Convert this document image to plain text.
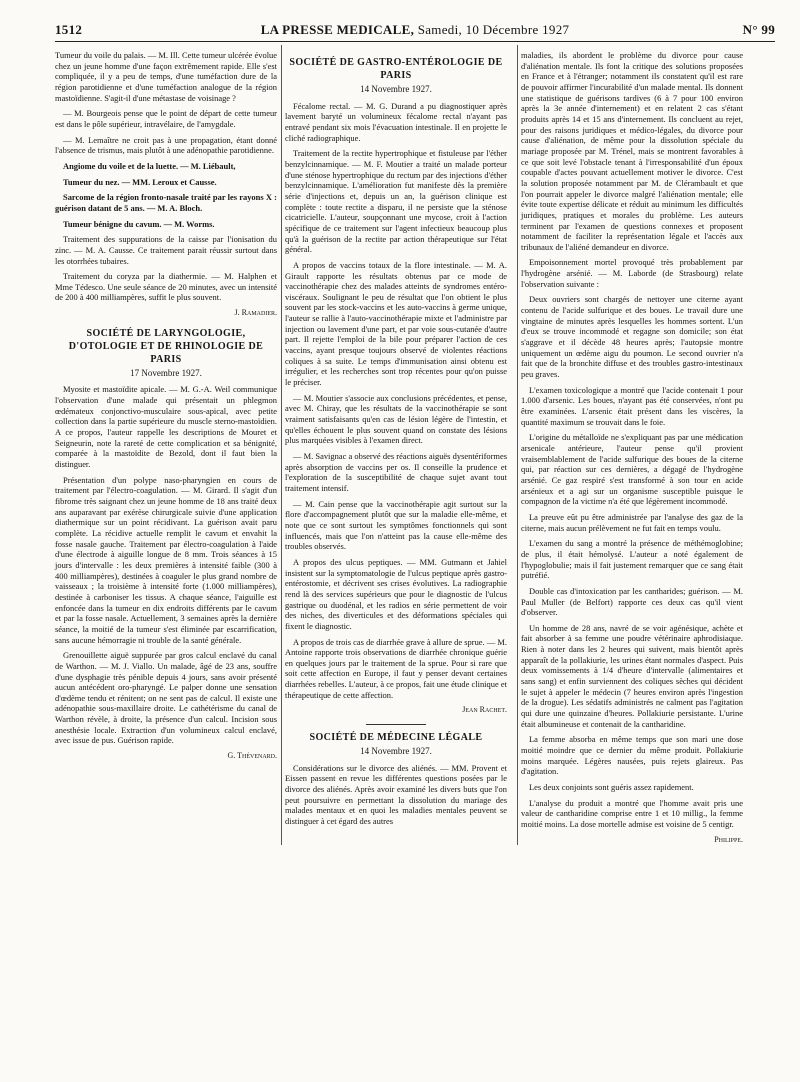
1512	LA PRESSE MEDICALE, Samedi, 10 Décembre 1927	N° 99

Tumeur du voile du palais. — M. Ill. Cette tumeur ulcérée évolue chez un jeune homme d'une façon extrêmement rapide. Elle s'est compliquée, il y a peu de temps, d'une tuméfaction dure de la région parotidienne et d'une tuméfaction analogue de la région mastoïdienne. S'agit-il d'une métastase de voisinage ?

— M. Bourgeois pense que le point de départ de cette tumeur est dans le pôle supérieur, intravélaire, de l'amygdale.

— M. Lemaître ne croit pas à une propagation, étant donné l'absence de trismus, mais plutôt à une adénopathie parotidienne.

Angiome du voile et de la luette. — M. Liébault,

Tumeur du nez. — MM. Leroux et Causse.

Sarcome de la région fronto-nasale traité par les rayons X : guérison datant de 5 ans. — M. A. Bloch.

Tumeur bénigne du cavum. — M. Worms.

Traitement des suppurations de la caisse par l'ionisation du zinc. — M. A. Causse. Ce traitement parait réussir surtout dans les otorrhées tubaires.

Traitement du coryza par la diathermie. — M. Halphen et Mme Tédesco. Une seule séance de 20 minutes, avec un intensité de 200 à 400 milliampères, suffit le plus souvent.

J. Ramadier.

SOCIÉTÉ DE LARYNGOLOGIE,
D'OTOLOGIE ET DE RHINOLOGIE DE PARIS

17 Novembre 1927.

Myosite et mastoïdite apicale. — M. G.-A. Weil communique l'observation d'une malade qui présentait un phlegmon œdémateux conjonctivo-musculaire sous-apical, avec petite collection dans la partie supérieure du muscle sterno-mastoïdien. A ce propos, l'auteur rappelle les descriptions de Mouret et Seigneurin, note la rareté de cette complication et sa bénignité, comparée à la mastoïdite de Bezold, dont il faut bien la distinguer.

Présentation d'un polype naso-pharyngien en cours de traitement par l'électro-coagulation. — M. Girard. Il s'agit d'un fibrome très saignant chez un jeune homme de 18 ans traité deux ans auparavant par exérèse chirurgicale suivie d'une application diathermique sur un point récidivant. La guérison avait paru complète. La récidive actuelle remplit le cavum et envahit la fosse nasale gauche. Traitement par électro-coagulation à l'aide d'une électrode à aiguille longue de 8 mm. Trois séances à 15 jours d'intervalle : les deux premières à intensité faible (300 à 400 milliampères), destinées à coaguler le plus grand nombre de vaisseaux ; la troisième à intensité forte (1.000 milliampères), destinée à carboniser les tissus. A chaque séance, l'aiguille est enfoncée dans la tumeur en dix endroits différents par le cavum et par la fosse nasale. Actuellement, 3 semaines après la dernière séance, la moitié de la tumeur s'est éliminée par escarrification, sans aucune hémorragie ni trouble de la santé générale.

Grenouillette aiguë suppurée par gros calcul enclavé du canal de Warthon. — M. J. Viallo. Un malade, âgé de 23 ans, souffre d'une dysphagie très pénible depuis 4 jours, sans avoir présenté aucun antécédent oro-pharyngé. Le palper donne une sensation d'œdème tendu et rénitent; on ne sent pas de calcul. Il existe une adénopathie sous-maxillaire droite. Le cathétérisme du canal de Warthon révèle, à droite, la présence d'un calcul. Incision sous anesthésie locale. Extraction d'un volumineux calcul enclavé, avec issue de pus. Guérison rapide.

G. Thévenard.

SOCIÉTÉ DE GASTRO-ENTÉROLOGIE DE PARIS

14 Novembre 1927.

Fécalome rectal. — M. G. Durand a pu diagnostiquer après lavement baryté un volumineux fécalome rectal n'ayant pas entravé pendant six mois l'évacuation intestinale. Il en projette le cliché radiographique.

Traitement de la rectite hypertrophique et fistuleuse par l'éther benzylcinnamique. — M. F. Moutier a traité un malade porteur d'une sténose hypertrophique du rectum par des injections d'éther benzylcinnamique. L'amélioration fut manifeste dès la première série d'injections et, depuis un an, la guérison clinique est complète : toute rectite a disparu, il ne persiste que la sténose cicatricielle. L'auteur, soupçonnant une mycose, croit à l'action spécifique de ce traitement sur l'agent infectieux beaucoup plus qu'à la guérison de la rectite par action thérapeutique sur l'état général.

A propos de vaccins totaux de la flore intestinale. — M. A. Girault rapporte les résultats obtenus par ce mode de vaccinothérapie chez des malades atteints de syndromes entéro-viscéraux. Soulignant le peu de résultat que l'on obtient le plus souvent par les stock-vaccins et les auto-vaccins à germe unique, l'auteur se rallie à l'auto-vaccinothérapie mixte et l'administre par injection ou lavement d'une part, et par voie sous-cutanée d'autre part. Il rejette l'emploi de la bile pour préparer l'action de ces vaccins, ayant presque toujours observé de violentes réactions coliques à sa suite. Le temps d'immunisation ainsi obtenu est irrégulier, et les recherches sont trop récentes pour qu'on puisse le préciser.

— M. Moutier s'associe aux conclusions précédentes, et pense, avec M. Chiray, que les résultats de la vaccinothérapie se sont vraiment satisfaisants qu'en cas de lésion légère de l'intestin, et qu'elles échouent le plus souvent quand on constate des lésions plus marquées visibles à l'examen direct.

— M. Savignac a observé des réactions aiguës dysentériformes après absorption de vaccins per os. Il conseille la prudence et l'exploration de la susceptibilité de chaque sujet avant tout traitement intensif.

— M. Cain pense que la vaccinothérapie agit surtout sur la flore d'accompagnement plutôt que sur la maladie elle-même, et note que ce sont surtout les symptômes fonctionnels qui sont influencés, mais que l'on n'atteint pas la cause elle-même des troubles observés.

A propos des ulcus peptiques. — MM. Gutmann et Jahiel insistent sur la symptomatologie de l'ulcus peptique après gastro-entérostomie, et décrivent ses crises évolutives. La radiographie rend là des services supérieurs que pour le diagnostic de l'ulcus gastrique ou duodénal, et les radios en série permettent de voir des niches, des diverticules et des déformations spéciales qui fixent le diagnostic.

A propos de trois cas de diarrhée grave à allure de sprue. — M. Antoine rapporte trois observations de diarrhée chronique guérie en quelques jours par le traitement de la sprue. Pour si rare que soit cette affection en Europe, il faut y penser devant certaines diarrhées rebelles. L'auteur, à ce propos, fait une étude clinique et thérapeutique de cette affection.

Jean Rachet.

SOCIÉTÉ DE MÉDECINE LÉGALE

14 Novembre 1927.

Considérations sur le divorce des aliénés. — MM. Provent et Eissen passent en revue les différentes questions posées par le divorce des aliénés. Après avoir examiné les divers buts que l'on peut poursuivre en permettant la dissolution du mariage des malades mentaux et en quoi les maladies mentales peuvent se distinguer à cet égard des autres

maladies, ils abordent le problème du divorce pour cause d'aliénation mentale. Ils font la critique des solutions proposées en France et à l'étranger; notamment ils constatent qu'il est rare de pouvoir affirmer l'incurabilité d'un malade mental. Ils donnent une statistique de guérisons tardives (6 à 7 pour 100 environ après la 3e année d'internement) et en relatent 2 cas s'étant produits après 14 et 15 ans d'internement. Ils concluent au rejet, pour des raisons juridiques et médico-légales, du divorce pour cause d'aliénation, de même pour la dissolution spéciale du mariage proposée par M. Trénel, mais se montrent favorables à ce que soit levé l'obstacle tenant à l'irresponsabilité d'un époux coupable d'actes pouvant actuellement motiver le divorce. C'est la solution proposée notamment par M. de Clérambault et que l'on pourrait appeler le divorce malgré l'aliénation mentale; elle évite toute expertise délicate et réduit au minimum les difficultés juridiques, pratiques et morales du problème. Les auteurs terminent par l'examen de questions connexes et proposent notamment de faciliter la représentation légale et l'accès aux tribunaux de l'aliéné demandeur en divorce.

Empoisonnement mortel provoqué très probablement par l'hydrogène arsénié. — M. Laborde (de Strasbourg) relate l'observation suivante :

Deux ouvriers sont chargés de nettoyer une citerne ayant contenu de l'acide sulfurique et des boues. Le travail dure une vingtaine de minutes après lesquelles les hommes sortent. L'un d'eux se trouve incommodé et regagne son domicile; son état s'aggrave et il décède 48 heures après; l'autopsie montre uniquement un œdème aigu du poumon. Le second ouvrier n'a fait que de la bronchite diffuse et des troubles gastro-intestinaux peu graves.

L'examen toxicologique a montré que l'acide contenait 1 pour 1.000 d'arsenic. Les boues, n'ayant pas été conservées, n'ont pu être examinées. L'arsenic était présent dans les viscères, la quantité maximum se trouvait dans le foie.

L'origine du métalloïde ne s'expliquant pas par une médication arsenicale antérieure, l'auteur pense qu'il provient vraisemblablement de l'acide sulfurique des boues de la citerne qui, par réaction sur ces dernières, a dégagé de l'hydrogène arsénié. Ce gaz respiré s'est transformé à son tour en acide arsénieux et a agi sur un organisme susceptible puisque le compagnon de la victime n'a été que légèrement incommodé.

La preuve eût pu être administrée par l'analyse des gaz de la citerne, mais aucun prélèvement ne fut fait en temps voulu.

L'examen du sang a montré la présence de méthémoglobine; de plus, il était hémolysé. L'auteur a noté également de l'hypoglobulie; mais il fait justement remarquer que ce sang était putréfié.

Double cas d'intoxication par les cantharides; guérison. — M. Paul Muller (de Belfort) rapporte ces deux cas qu'il vient d'observer.

Un homme de 28 ans, navré de se voir agénésique, achète et fait absorber à sa femme une poudre vétérinaire aphrodisiaque. Rien à noter dans les 2 heures qui suivent, mais bientôt après apparaît de la pollakiurie, les urines étant normales d'aspect. Puis deux vomissements à 1/4 d'heure d'intervalle (alimentaires et sans sang) et enfin surviennent des coliques sèches qui décident le sujet à appeler le médecin (7 heures environ après l'ingestion de la drogue). Les sédatifs administrés ne calment pas l'agitation qui dure une quinzaine d'heures. Pollakiurie persistante. L'urine était albumineuse et contenait de la cantharidine.

La femme absorba en même temps que son mari une dose moitié moindre que ce dernier du même produit. Pollakiurie moins marquée. Légères nausées, puis rejets glaireux. Pas d'agitation.

Les deux conjoints sont guéris assez rapidement.

L'analyse du produit a montré que l'homme avait pris une valeur de cantharidine comprise entre 1 et 10 millig., la femme moitié moins. La dose mortelle admise est voisine de 5 centigr.

Philippe.
